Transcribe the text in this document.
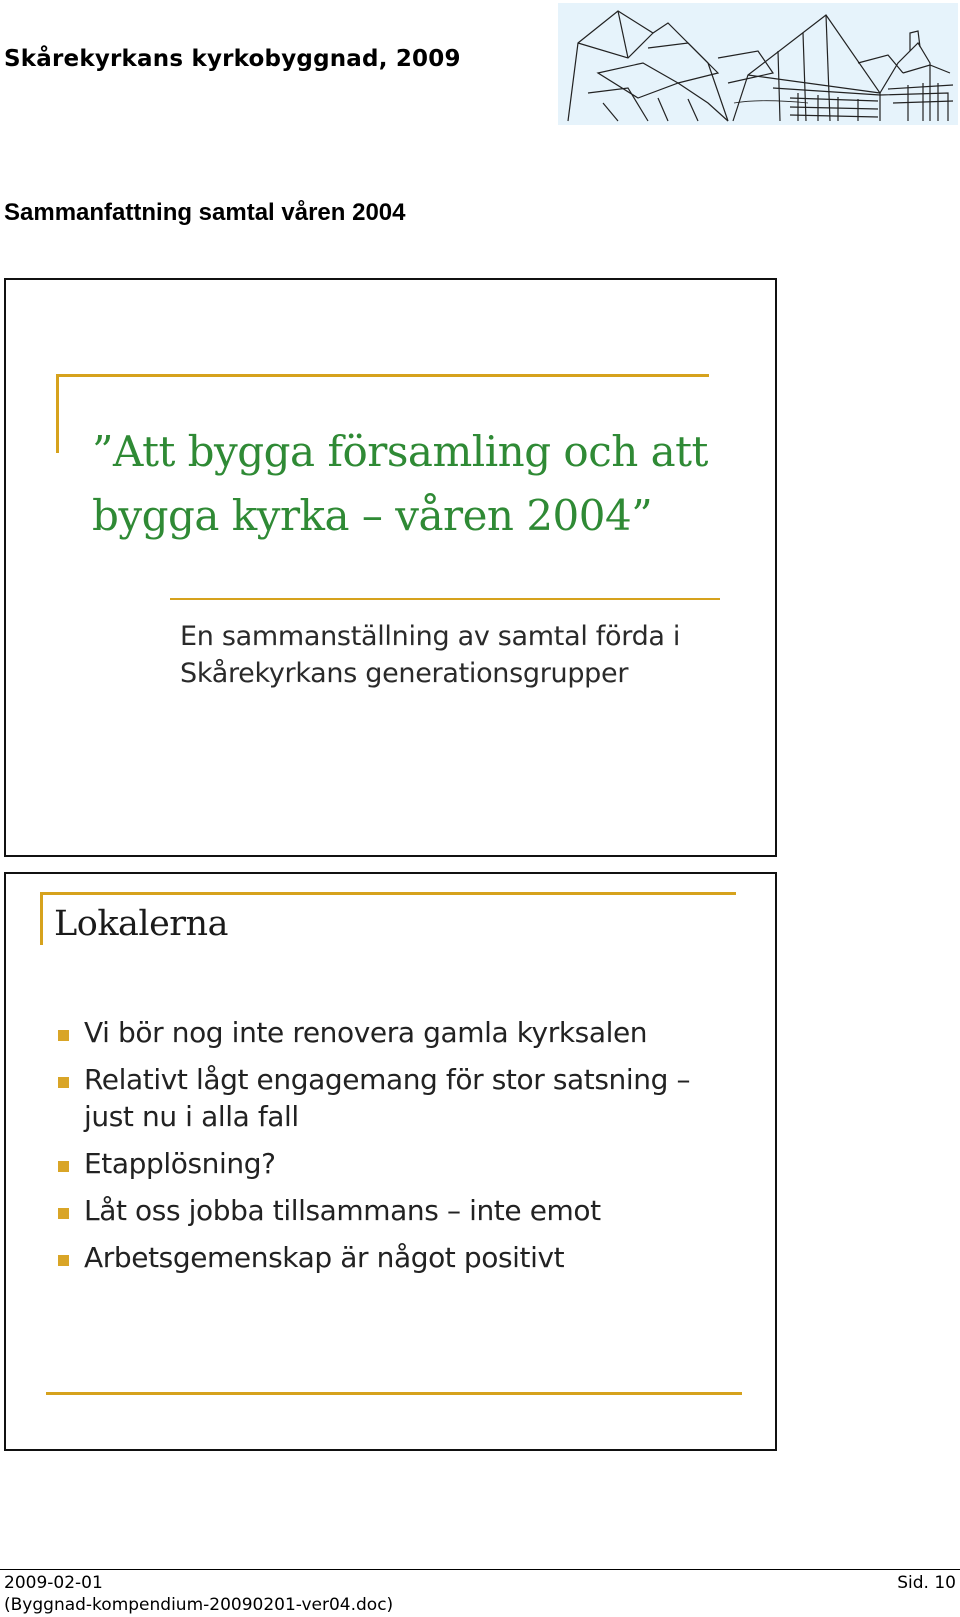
Skårekyrkans kyrkobyggnad, 2009
Sammanfattning samtal våren 2004
”Att bygga församling och att
bygga kyrka – våren 2004”
En sammanställning av samtal förda i
Skårekyrkans generationsgrupper
Lokalerna
Vi bör nog inte renovera gamla kyrksalen
Relativt lågt engagemang för stor satsning – just nu i alla fall
Etapplösning?
Låt oss jobba tillsammans – inte emot
Arbetsgemenskap är något positivt
2009-02-01
(Byggnad-kompendium-20090201-ver04.doc)
Sid. 10
